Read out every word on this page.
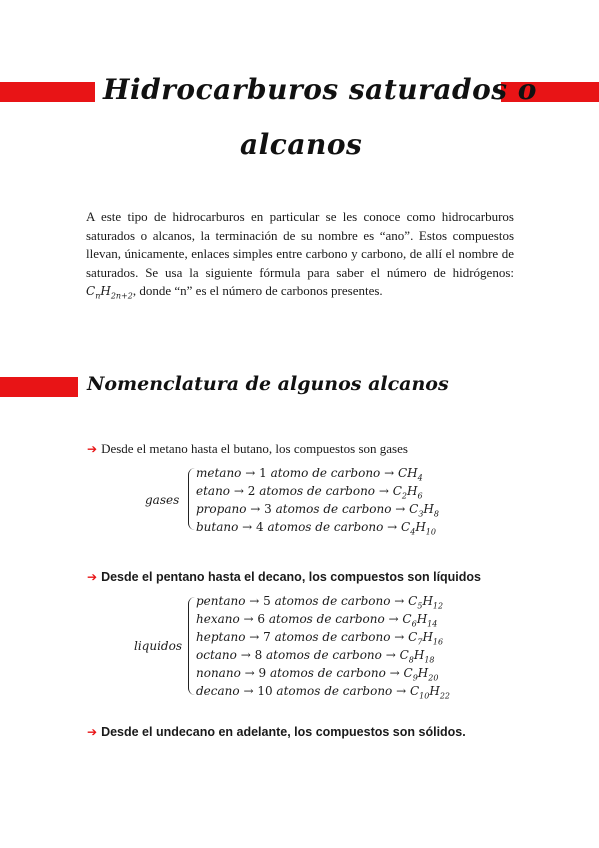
Hidrocarburos saturados o
alcanos
A este tipo de hidrocarburos en particular se les conoce como hidrocarburos saturados o alcanos, la terminación de su nombre es “ano”. Estos compuestos llevan, únicamente, enlaces simples entre carbono y carbono, de allí el nombre de saturados. Se usa la siguiente fórmula para saber el número de hidrógenos: $C_nH_{2n+2}$, donde “n” es el número de carbonos presentes.
Nomenclatura de algunos alcanos
➔ Desde el metano hasta el butano, los compuestos son gases
gases
metano → 1 atomo de carbono → $CH_4$
etano → 2 atomos de carbono → $C_2H_6$
propano → 3 atomos de carbono → $C_3H_8$
butano → 4 atomos de carbono → $C_4H_{10}$
➔ Desde el pentano hasta el decano, los compuestos son líquidos
liquidos
pentano → 5 atomos de carbono → $C_5H_{12}$
hexano → 6 atomos de carbono → $C_6H_{14}$
heptano → 7 atomos de carbono → $C_7H_{16}$
octano → 8 atomos de carbono → $C_8H_{18}$
nonano → 9 atomos de carbono → $C_9H_{20}$
decano → 10 atomos de carbono → $C_{10}H_{22}$
➔ Desde el undecano en adelante, los compuestos son sólidos.
